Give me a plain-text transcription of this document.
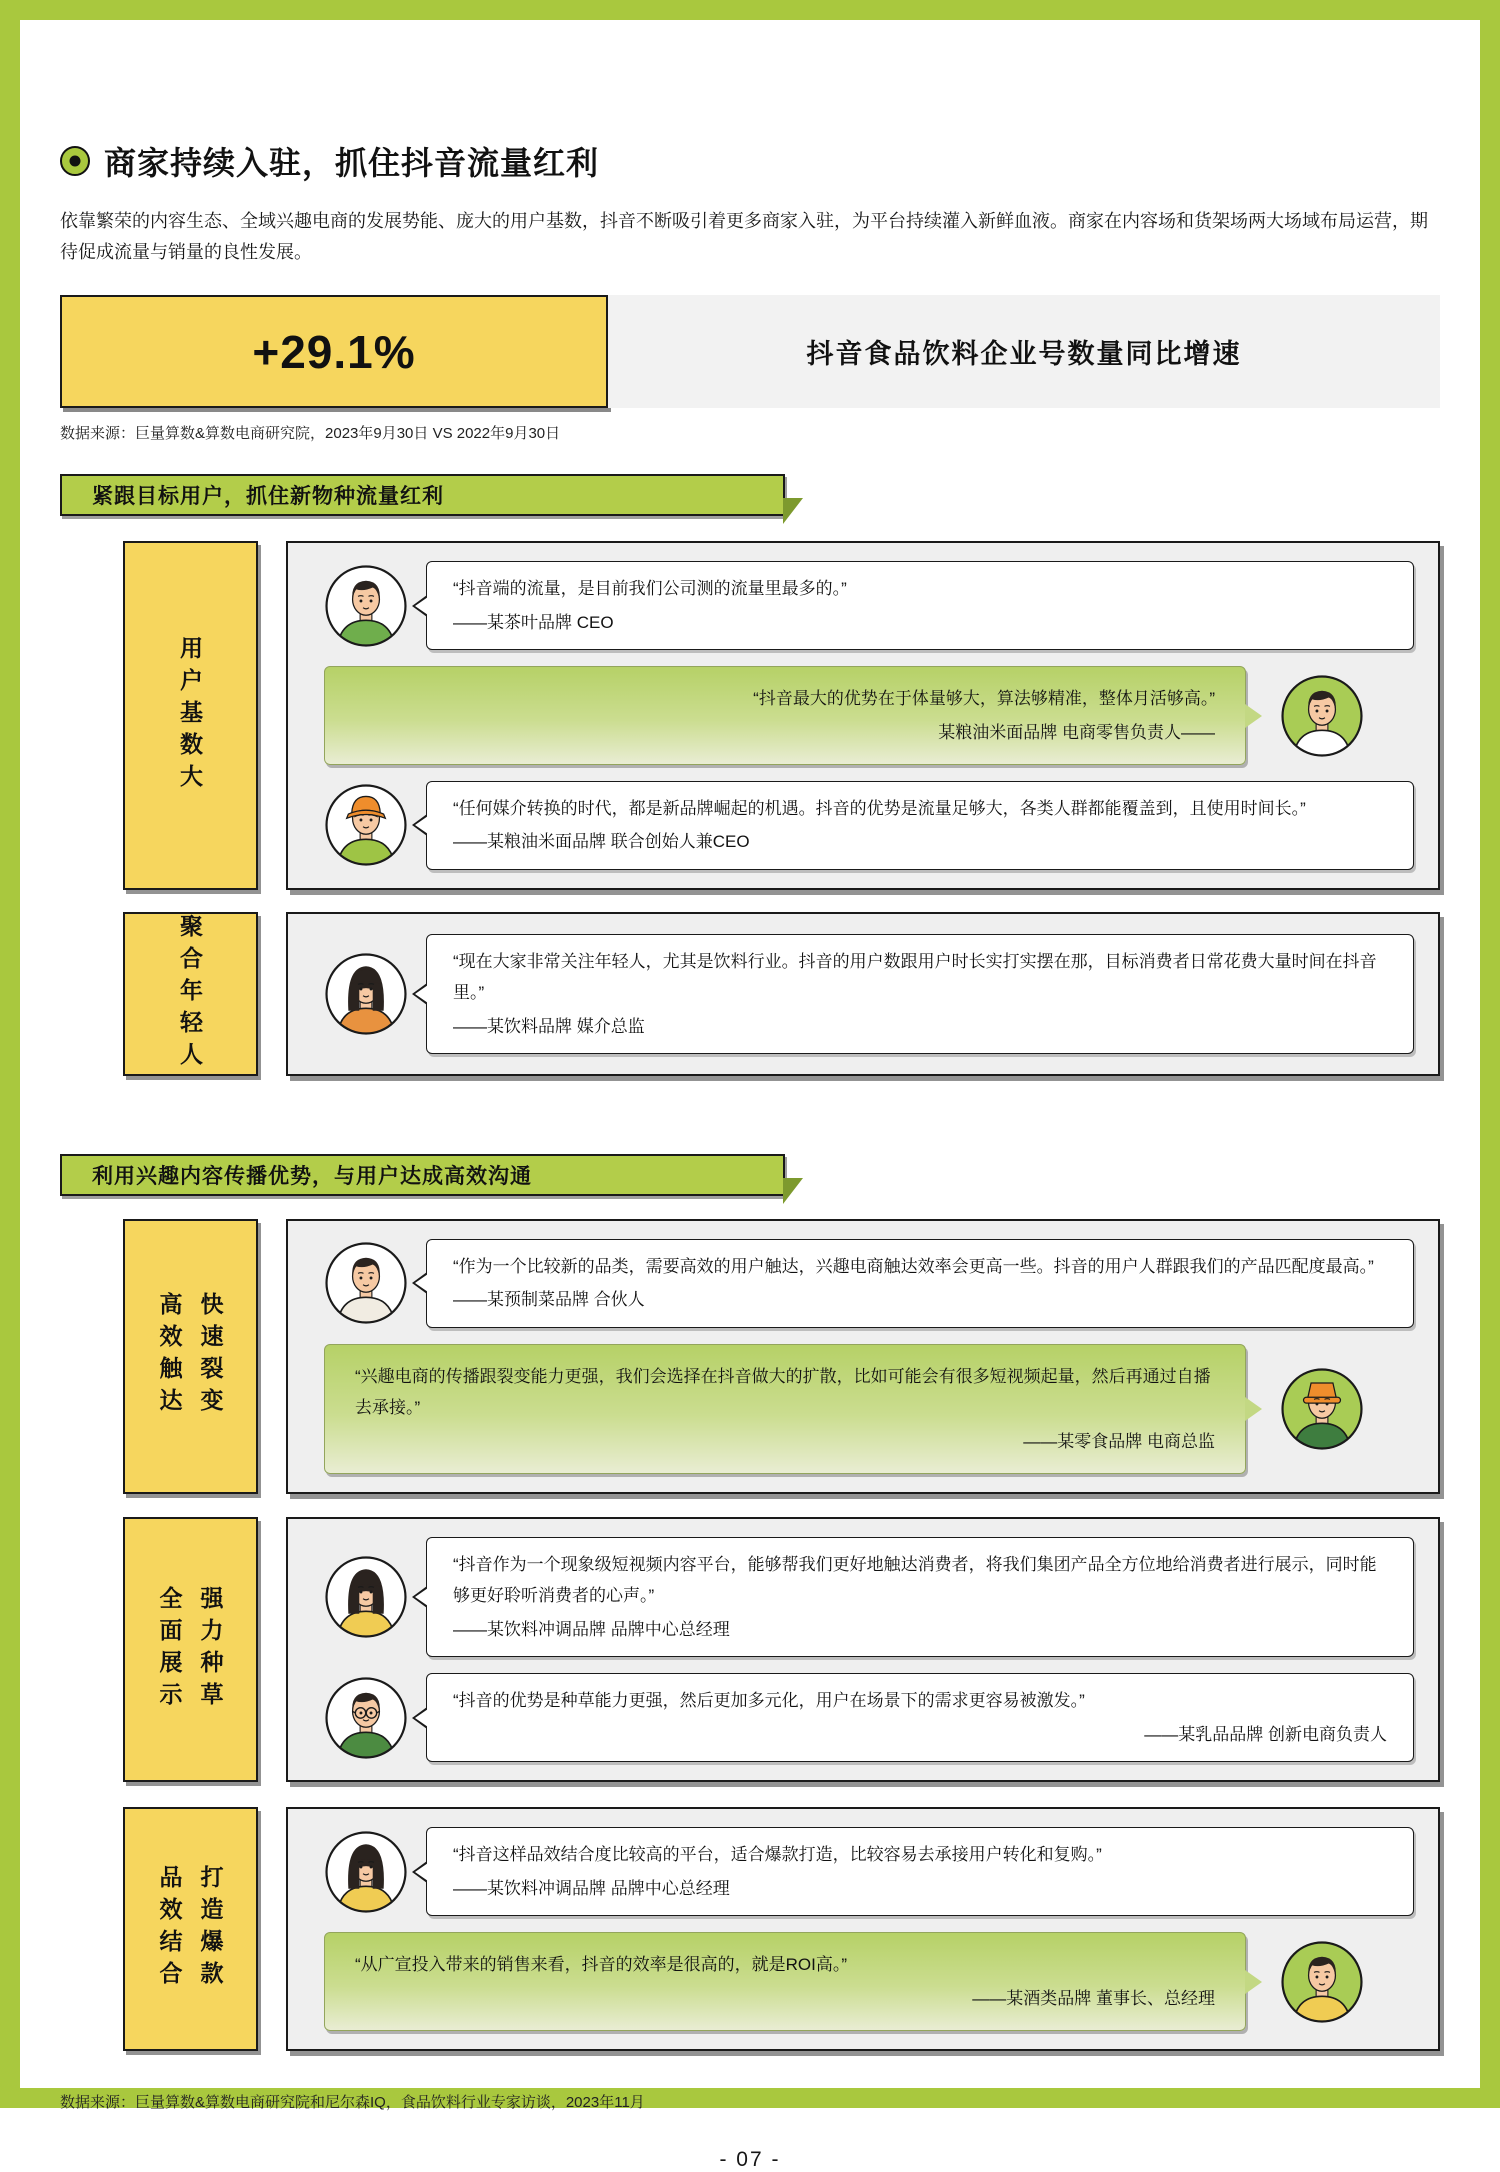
商家持续入驻，抓住抖音流量红利
依靠繁荣的内容生态、全域兴趣电商的发展势能、庞大的用户基数，抖音不断吸引着更多商家入驻，为平台持续灌入新鲜血液。商家在内容场和货架场两大场域布局运营，期待促成流量与销量的良性发展。
+29.1%	抖音食品饮料企业号数量同比增速
数据来源：巨量算数&算数电商研究院，2023年9月30日 VS 2022年9月30日
紧跟目标用户，抓住新物种流量红利
用户基数大
“抖音端的流量，是目前我们公司测的流量里最多的。”
——某茶叶品牌 CEO
“抖音最大的优势在于体量够大，算法够精准，整体月活够高。”
某粮油米面品牌 电商零售负责人——
“任何媒介转换的时代，都是新品牌崛起的机遇。抖音的优势是流量足够大，各类人群都能覆盖到，且使用时间长。”
——某粮油米面品牌 联合创始人兼CEO
聚合年轻人	“现在大家非常关注年轻人，尤其是饮料行业。抖音的用户数跟用户时长实打实摆在那，目标消费者日常花费大量时间在抖音里。”
——某饮料品牌 媒介总监
利用兴趣内容传播优势，与用户达成高效沟通
高效触达 快速裂变
“作为一个比较新的品类，需要高效的用户触达，兴趣电商触达效率会更高一些。抖音的用户人群跟我们的产品匹配度最高。”
——某预制菜品牌 合伙人
“兴趣电商的传播跟裂变能力更强，我们会选择在抖音做大的扩散，比如可能会有很多短视频起量，然后再通过自播去承接。”
——某零食品牌 电商总监
全面展示 强力种草
“抖音作为一个现象级短视频内容平台，能够帮我们更好地触达消费者，将我们集团产品全方位地给消费者进行展示，同时能够更好聆听消费者的心声。”
——某饮料冲调品牌 品牌中心总经理
“抖音的优势是种草能力更强，然后更加多元化，用户在场景下的需求更容易被激发。”
——某乳品品牌 创新电商负责人
品效结合 打造爆款
“抖音这样品效结合度比较高的平台，适合爆款打造，比较容易去承接用户转化和复购。”
——某饮料冲调品牌 品牌中心总经理
“从广宣投入带来的销售来看，抖音的效率是很高的，就是ROI高。”
——某酒类品牌 董事长、总经理
数据来源：巨量算数&算数电商研究院和尼尔森IQ，食品饮料行业专家访谈，2023年11月
- 07 -
